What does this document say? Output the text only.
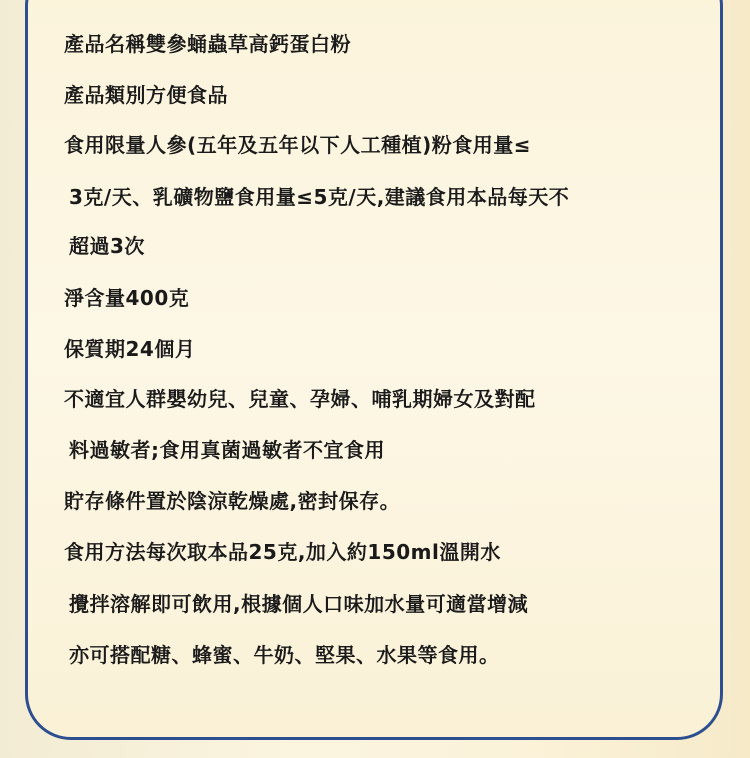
產品名稱雙參蛹蟲草高鈣蛋白粉
產品類別方便食品
食用限量人參(五年及五年以下人工種植)粉食用量≤
3克/天、乳礦物鹽食用量≤5克/天,建議食用本品每天不
超過3次
淨含量400克
保質期24個月
不適宜人群嬰幼兒、兒童、孕婦、哺乳期婦女及對配
料過敏者;食用真菌過敏者不宜食用
貯存條件置於陰涼乾燥處,密封保存。
食用方法每次取本品25克,加入約150ml溫開水
攪拌溶解即可飲用,根據個人口味加水量可適當增減
亦可搭配糖、蜂蜜、牛奶、堅果、水果等食用。
